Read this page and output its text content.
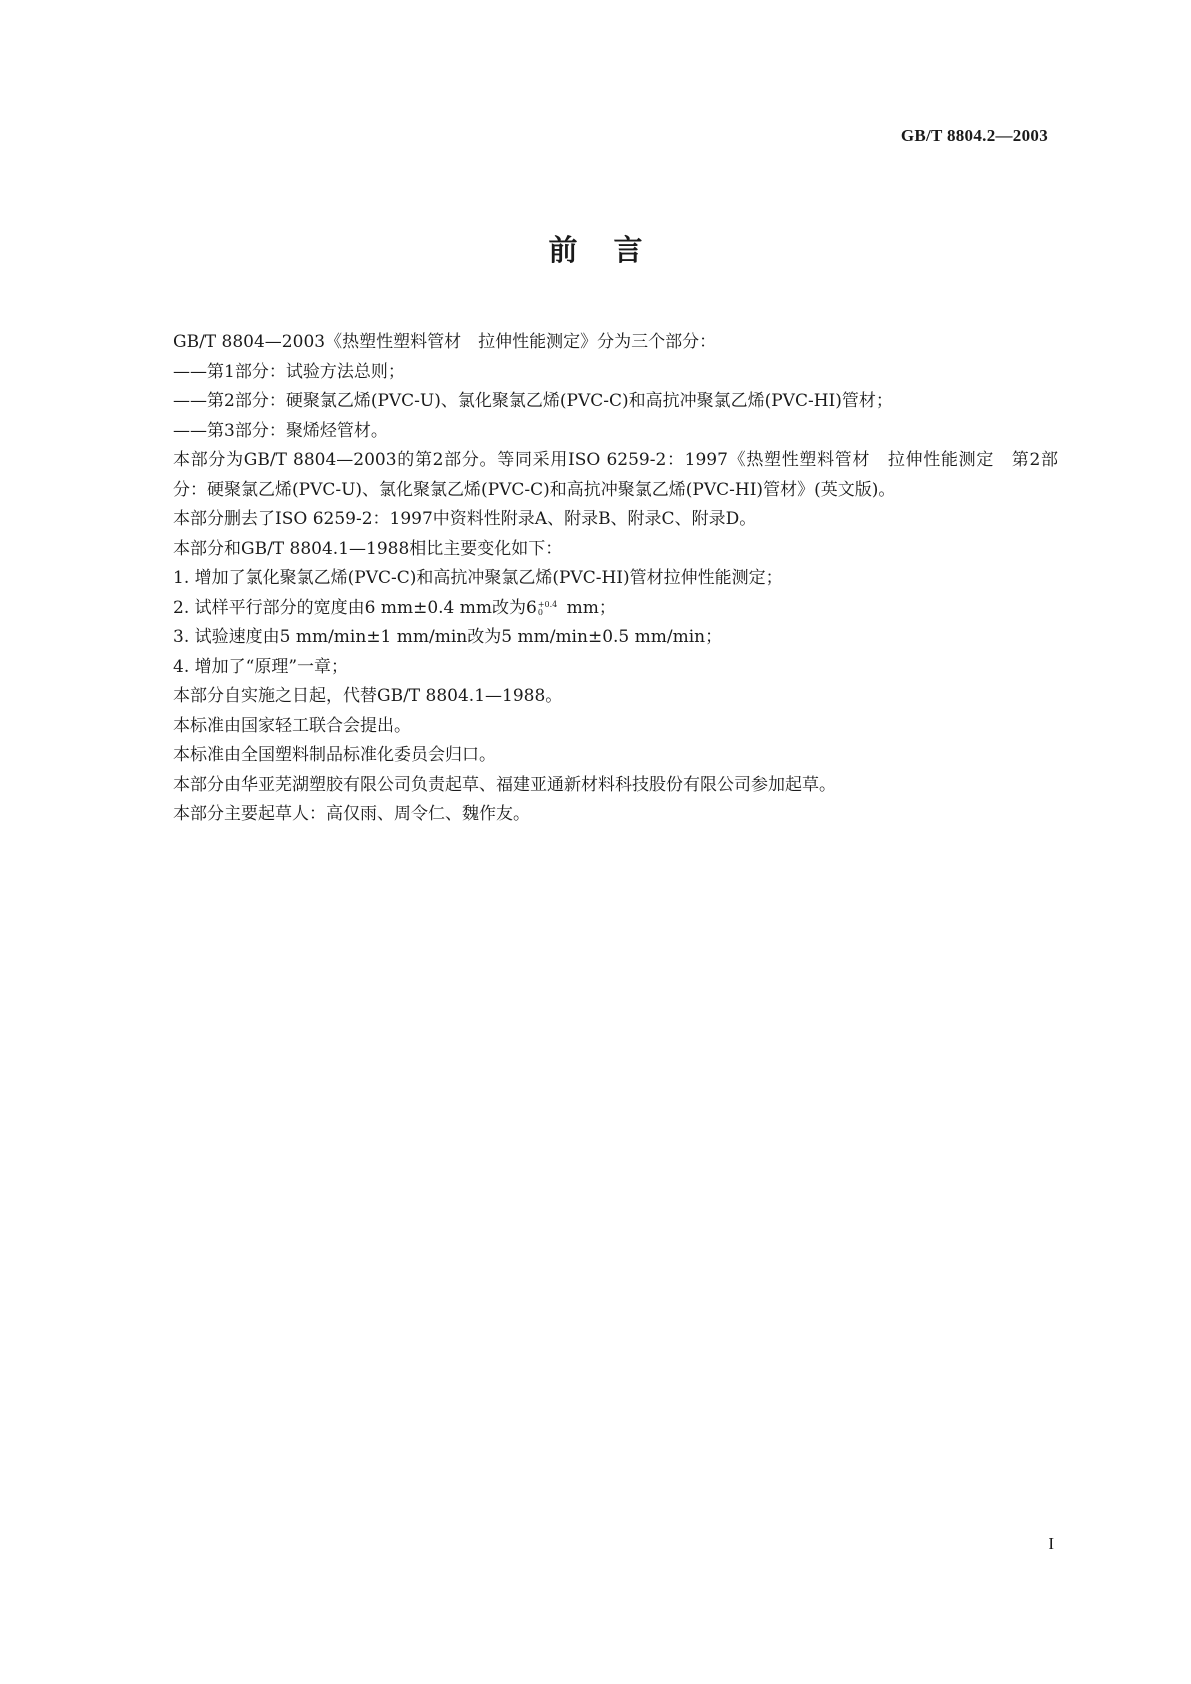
GB/T 8804.2—2003
前言

GB/T 8804—2003《热塑性塑料管材　拉伸性能测定》分为三个部分：

——第1部分：试验方法总则；

——第2部分：硬聚氯乙烯(PVC-U)、氯化聚氯乙烯(PVC-C)和高抗冲聚氯乙烯(PVC-HI)管材；

——第3部分：聚烯烃管材。

本部分为GB/T 8804—2003的第2部分。等同采用ISO 6259-2：1997《热塑性塑料管材　拉伸性能测定　第2部分：硬聚氯乙烯(PVC-U)、氯化聚氯乙烯(PVC-C)和高抗冲聚氯乙烯(PVC-HI)管材》(英文版)。

本部分删去了ISO 6259-2：1997中资料性附录A、附录B、附录C、附录D。

本部分和GB/T 8804.1—1988相比主要变化如下：

1. 增加了氯化聚氯乙烯(PVC-C)和高抗冲聚氯乙烯(PVC-HI)管材拉伸性能测定；

2. 试样平行部分的宽度由6 mm±0.4 mm改为6 +0.4
0	mm；

3. 试验速度由5 mm/min±1 mm/min改为5 mm/min±0.5 mm/min；

4. 增加了“原理”一章；

本部分自实施之日起，代替GB/T 8804.1—1988。

本标准由国家轻工联合会提出。

本标准由全国塑料制品标准化委员会归口。

本部分由华亚芜湖塑胶有限公司负责起草、福建亚通新材料科技股份有限公司参加起草。

本部分主要起草人：高仅雨、周令仁、魏作友。

I
